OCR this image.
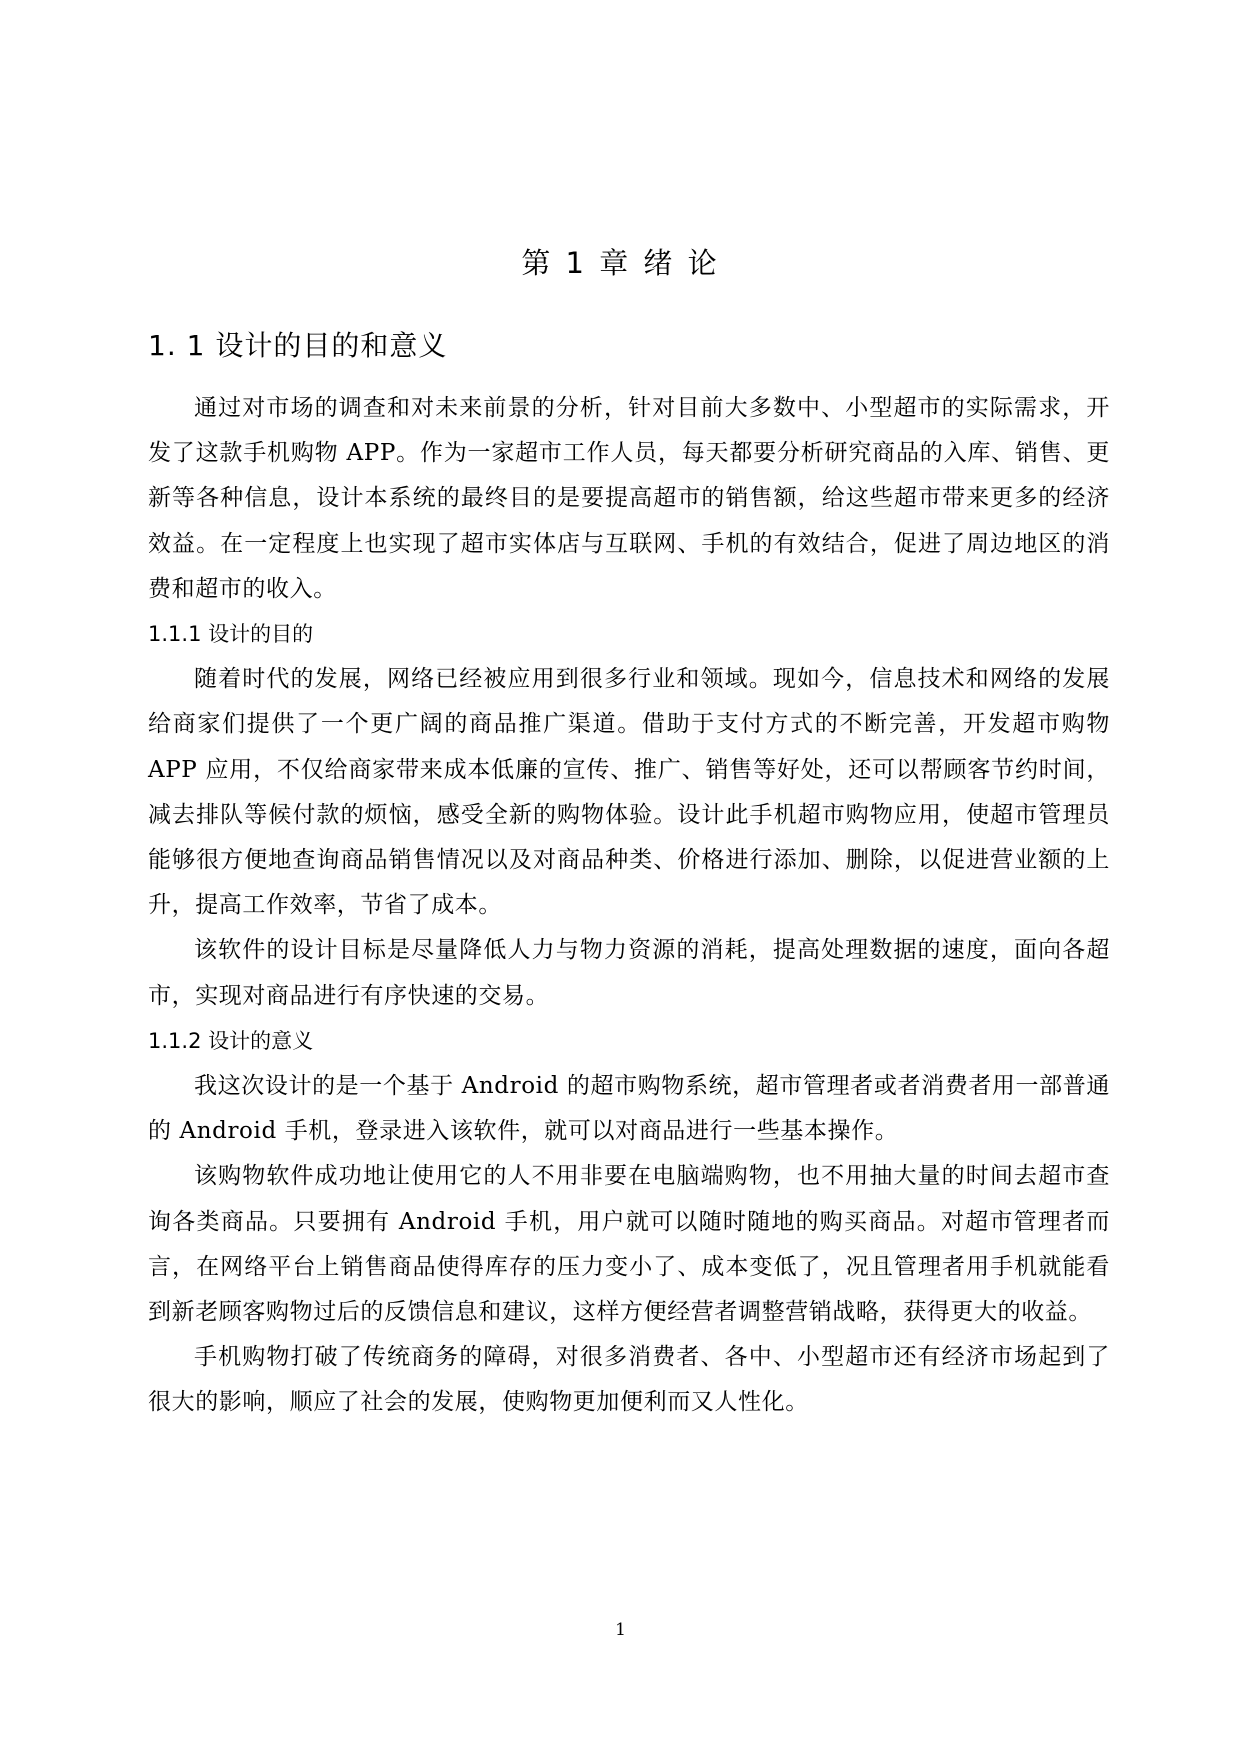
第 1 章 绪 论
1. 1 设计的目的和意义

通过对市场的调查和对未来前景的分析，针对目前大多数中、小型超市的实际需求，开发了这款手机购物 APP。作为一家超市工作人员，每天都要分析研究商品的入库、销售、更新等各种信息，设计本系统的最终目的是要提高超市的销售额，给这些超市带来更多的经济效益。在一定程度上也实现了超市实体店与互联网、手机的有效结合，促进了周边地区的消费和超市的收入。

1.1.1 设计的目的

随着时代的发展，网络已经被应用到很多行业和领域。现如今，信息技术和网络的发展给商家们提供了一个更广阔的商品推广渠道。借助于支付方式的不断完善，开发超市购物 APP 应用，不仅给商家带来成本低廉的宣传、推广、销售等好处，还可以帮顾客节约时间，减去排队等候付款的烦恼，感受全新的购物体验。设计此手机超市购物应用，使超市管理员能够很方便地查询商品销售情况以及对商品种类、价格进行添加、删除，以促进营业额的上升，提高工作效率，节省了成本。

该软件的设计目标是尽量降低人力与物力资源的消耗，提高处理数据的速度，面向各超市，实现对商品进行有序快速的交易。

1.1.2 设计的意义

我这次设计的是一个基于 Android 的超市购物系统，超市管理者或者消费者用一部普通的 Android 手机，登录进入该软件，就可以对商品进行一些基本操作。

该购物软件成功地让使用它的人不用非要在电脑端购物，也不用抽大量的时间去超市查询各类商品。只要拥有 Android 手机，用户就可以随时随地的购买商品。对超市管理者而言，在网络平台上销售商品使得库存的压力变小了、成本变低了，况且管理者用手机就能看到新老顾客购物过后的反馈信息和建议，这样方便经营者调整营销战略，获得更大的收益。

手机购物打破了传统商务的障碍，对很多消费者、各中、小型超市还有经济市场起到了很大的影响，顺应了社会的发展，使购物更加便利而又人性化。

1
